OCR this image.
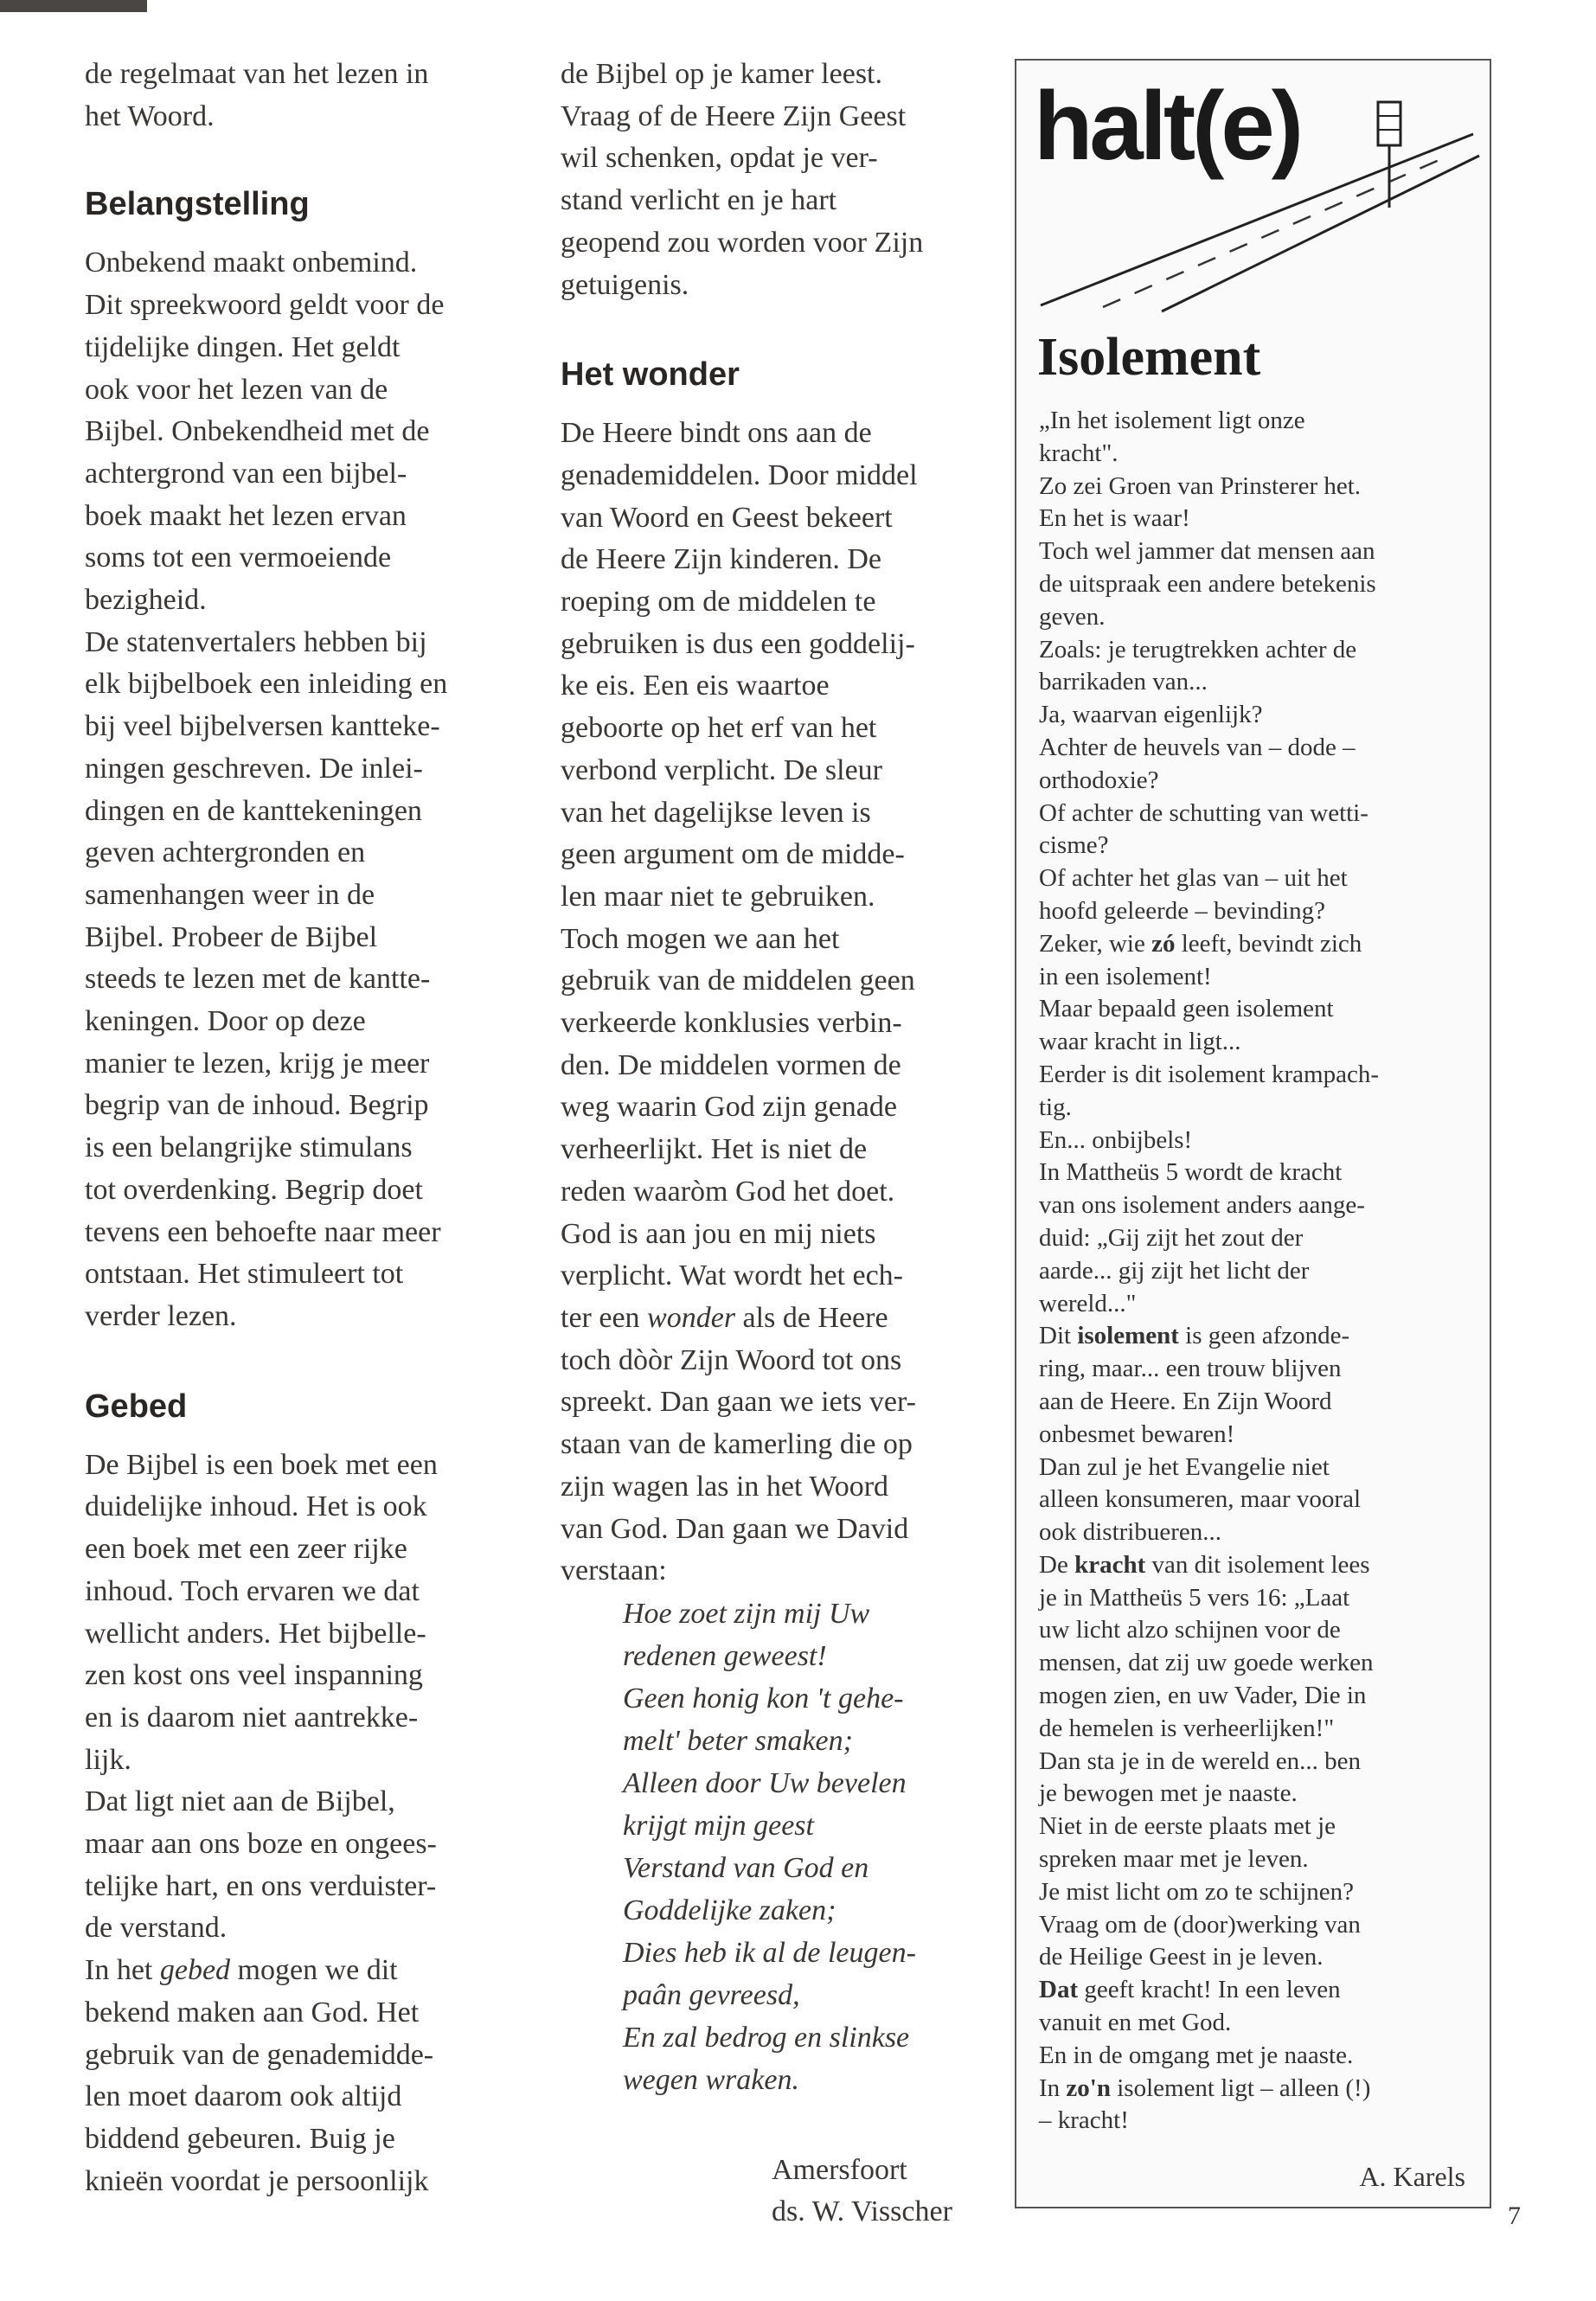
de regelmaat van het lezen in
het Woord.

Belangstelling

Onbekend maakt onbemind.
Dit spreekwoord geldt voor de
tijdelijke dingen. Het geldt
ook voor het lezen van de
Bijbel. Onbekendheid met de
achtergrond van een bijbel-
boek maakt het lezen ervan
soms tot een vermoeiende
bezigheid.
De statenvertalers hebben bij
elk bijbelboek een inleiding en
bij veel bijbelversen kanttеke-
ningen geschreven. De inlei-
dingen en de kanttekeningen
geven achtergronden en
samenhangen weer in de
Bijbel. Probeer de Bijbel
steeds te lezen met de kantte-
keningen. Door op deze
manier te lezen, krijg je meer
begrip van de inhoud. Begrip
is een belangrijke stimulans
tot overdenking. Begrip doet
tevens een behoefte naar meer
ontstaan. Het stimuleert tot
verder lezen.

Gebed

De Bijbel is een boek met een
duidelijke inhoud. Het is ook
een boek met een zeer rijke
inhoud. Toch ervaren we dat
wellicht anders. Het bijbelle-
zen kost ons veel inspanning
en is daarom niet aantrekke-
lijk.
Dat ligt niet aan de Bijbel,
maar aan ons boze en ongees-
telijke hart, en ons verduister-
de verstand.

In het gebed mogen we dit
bekend maken aan God. Het
gebruik van de genademidde-
len moet daarom ook altijd
biddend gebeuren. Buig je
knieën voordat je persoonlijk

de Bijbel op je kamer leest.
Vraag of de Heere Zijn Geest
wil schenken, opdat je ver-
stand verlicht en je hart
geopend zou worden voor Zijn
getuigenis.

Het wonder

De Heere bindt ons aan de
genademiddelen. Door middel
van Woord en Geest bekeert
de Heere Zijn kinderen. De
roeping om de middelen te
gebruiken is dus een goddelij-
ke eis. Een eis waartoe
geboorte op het erf van het
verbond verplicht. De sleur
van het dagelijkse leven is
geen argument om de midde-
len maar niet te gebruiken.
Toch mogen we aan het
gebruik van de middelen geen
verkeerde konklusies verbin-
den. De middelen vormen de
weg waarin God zijn genade
verheerlijkt. Het is niet de
reden waaròm God het doet.
God is aan jou en mij niets
verplicht. Wat wordt het ech-
ter een wonder als de Heere
toch dòòr Zijn Woord tot ons
spreekt. Dan gaan we iets ver-
staan van de kamerling die op
zijn wagen las in het Woord
van God. Dan gaan we David
verstaan:

Hoe zoet zijn mij Uw
redenen geweest!
Geen honig kon 't gehe-
melt' beter smaken;
Alleen door Uw bevelen
krijgt mijn geest
Verstand van God en
Goddelijke zaken;
Dies heb ik al de leugen-
paân gevreesd,
En zal bedrog en slinkse
wegen wraken.

Amersfoort
ds. W. Visscher
halt(e)
Isolement
„In het isolement ligt onze
kracht".
Zo zei Groen van Prinsterer het.
En het is waar!
Toch wel jammer dat mensen aan
de uitspraak een andere betekenis
geven.
Zoals: je terugtrekken achter de
barrikaden van...
Ja, waarvan eigenlijk?
Achter de heuvels van – dode –
orthodoxie?
Of achter de schutting van wetti-
cisme?
Of achter het glas van – uit het
hoofd geleerde – bevinding?
Zeker, wie zó leeft, bevindt zich
in een isolement!
Maar bepaald geen isolement
waar kracht in ligt...
Eerder is dit isolement krampach-
tig.
En... onbijbels!
In Mattheüs 5 wordt de kracht
van ons isolement anders aange-
duid: „Gij zijt het zout der
aarde... gij zijt het licht der
wereld..."
Dit isolement is geen afzonde-
ring, maar... een trouw blijven
aan de Heere. En Zijn Woord
onbesmet bewaren!
Dan zul je het Evangelie niet
alleen konsumeren, maar vooral
ook distribueren...
De kracht van dit isolement lees
je in Mattheüs 5 vers 16: „Laat
uw licht alzo schijnen voor de
mensen, dat zij uw goede werken
mogen zien, en uw Vader, Die in
de hemelen is verheerlijken!"
Dan sta je in de wereld en... ben
je bewogen met je naaste.
Niet in de eerste plaats met je
spreken maar met je leven.
Je mist licht om zo te schijnen?
Vraag om de (door)werking van
de Heilige Geest in je leven.
Dat geeft kracht! In een leven
vanuit en met God.
En in de omgang met je naaste.
In zo'n isolement ligt – alleen (!)
– kracht!
A. Karels
7
